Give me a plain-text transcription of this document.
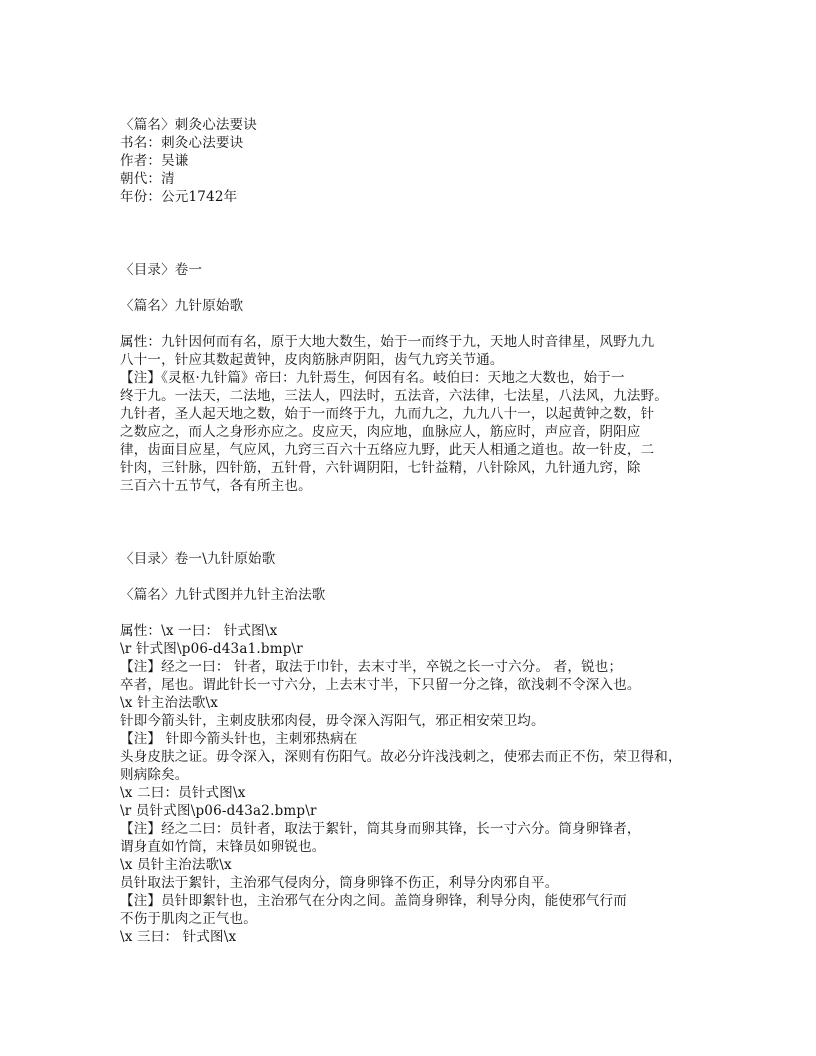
〈篇名〉刺灸心法要诀
书名：刺灸心法要诀
作者：吴谦
朝代：清
年份：公元1742年
〈目录〉卷一
〈篇名〉九针原始歌
属性：九针因何而有名，原于大地大数生，始于一而终于九，天地人时音律星，风野九九
八十一，针应其数起黄钟，皮肉筋脉声阴阳，齿气九窍关节通。
【注】《灵枢·九针篇》帝曰：九针焉生，何因有名。岐伯曰：天地之大数也，始于一
终于九。一法天，二法地，三法人，四法时，五法音，六法律，七法星，八法风，九法野。
九针者，圣人起天地之数，始于一而终于九，九而九之，九九八十一，以起黄钟之数，针
之数应之，而人之身形亦应之。皮应天，肉应地，血脉应人，筋应时，声应音，阴阳应
律，齿面目应星，气应风，九窍三百六十五络应九野，此天人相通之道也。故一针皮，二
针肉，三针脉，四针筋，五针骨，六针调阴阳，七针益精，八针除风，九针通九窍，除
三百六十五节气，各有所主也。
〈目录〉卷一\九针原始歌
〈篇名〉九针式图并九针主治法歌
属性：\x 一曰： 针式图\x
\r 针式图\p06-d43a1.bmp\r
【注】经之一曰： 针者，取法于巾针，去末寸半，卒锐之长一寸六分。 者，锐也；
卒者，尾也。谓此针长一寸六分，上去末寸半，下只留一分之锋，欲浅刺不令深入也。
\x 针主治法歌\x
针即今箭头针，主刺皮肤邪肉侵，毋令深入泻阳气，邪正相安荣卫均。
【注】 针即今箭头针也，主刺邪热病在
头身皮肤之证。毋令深入，深则有伤阳气。故必分许浅浅刺之，使邪去而正不伤，荣卫得和，
则病除矣。
\x 二曰：员针式图\x
\r 员针式图\p06-d43a2.bmp\r
【注】经之二曰：员针者，取法于絮针，筒其身而卵其锋，长一寸六分。筒身卵锋者，
谓身直如竹筒，末锋员如卵锐也。
\x 员针主治法歌\x
员针取法于絮针，主治邪气侵肉分，筒身卵锋不伤正，利导分肉邪自平。
【注】员针即絮针也，主治邪气在分肉之间。盖筒身卵锋，利导分肉，能使邪气行而
不伤于肌肉之正气也。
\x 三曰： 针式图\x
